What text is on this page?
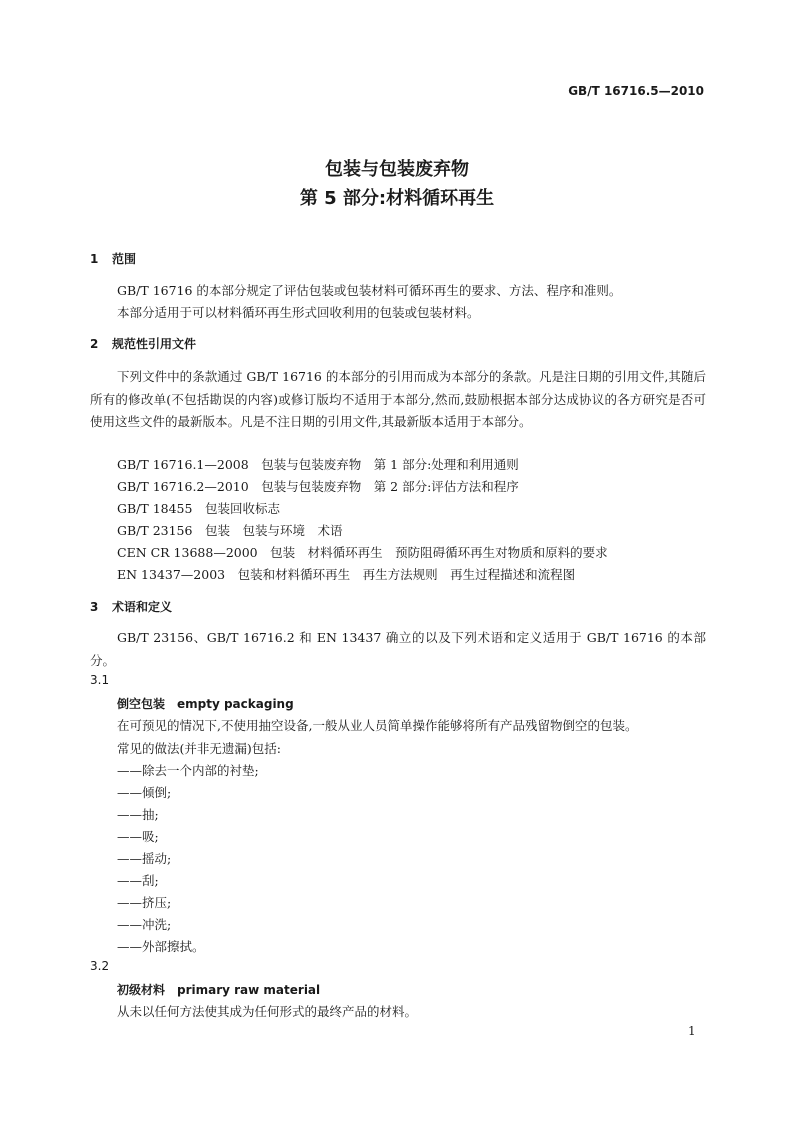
GB/T 16716.5—2010
包装与包装废弃物
第 5 部分:材料循环再生
1 范围
GB/T 16716 的本部分规定了评估包装或包装材料可循环再生的要求、方法、程序和准则。
本部分适用于可以材料循环再生形式回收利用的包装或包装材料。
2 规范性引用文件

下列文件中的条款通过 GB/T 16716 的本部分的引用而成为本部分的条款。凡是注日期的引用文件,其随后所有的修改单(不包括勘误的内容)或修订版均不适用于本部分,然而,鼓励根据本部分达成协议的各方研究是否可使用这些文件的最新版本。凡是不注日期的引用文件,其最新版本适用于本部分。

GB/T 16716.1—2008　包装与包装废弃物　第 1 部分:处理和利用通则
GB/T 16716.2—2010　包装与包装废弃物　第 2 部分:评估方法和程序
GB/T 18455　包装回收标志
GB/T 23156　包装　包装与环境　术语
CEN CR 13688—2000　包装　材料循环再生　预防阻碍循环再生对物质和原料的要求
EN 13437—2003　包装和材料循环再生　再生方法规则　再生过程描述和流程图
3 术语和定义

GB/T 23156、GB/T 16716.2 和 EN 13437 确立的以及下列术语和定义适用于 GB/T 16716 的本部分。

3.1
倒空包装　empty packaging
在可预见的情况下,不使用抽空设备,一般从业人员简单操作能够将所有产品残留物倒空的包装。
常见的做法(并非无遗漏)包括:
——除去一个内部的衬垫;
——倾倒;
——抽;
——吸;
——摇动;
——刮;
——挤压;
——冲洗;
——外部擦拭。
3.2
初级材料　primary raw material
从未以任何方法使其成为任何形式的最终产品的材料。
1
